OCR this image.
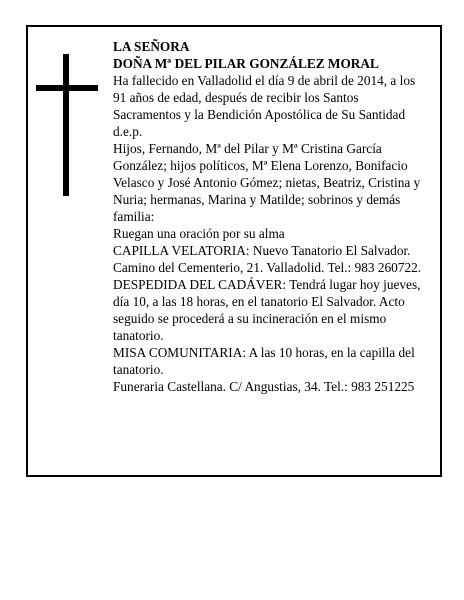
LA SEÑORA

DOÑA Mª DEL PILAR GONZÁLEZ MORAL

Ha fallecido en Valladolid el día 9 de abril de 2014, a los 91 años de edad, después de recibir los Santos Sacramentos y la Bendición Apostólica de Su Santidad d.e.p.

Hijos, Fernando, Mª del Pilar y Mª Cristina García González; hijos políticos, Mª Elena Lorenzo, Bonifacio Velasco y José Antonio Gómez; nietas, Beatriz, Cristina y Nuria; hermanas, Marina y Matilde; sobrinos y demás familia:

Ruegan una oración por su alma

CAPILLA VELATORIA: Nuevo Tanatorio El Salvador. Camino del Cementerio, 21. Valladolid. Tel.: 983 260722.

DESPEDIDA DEL CADÁVER: Tendrá lugar hoy jueves, día 10, a las 18 horas, en el tanatorio El Salvador. Acto seguido se procederá a su incineración en el mismo tanatorio.

MISA COMUNITARIA: A las 10 horas, en la capilla del tanatorio.

Funeraria Castellana. C/ Angustias, 34. Tel.: 983 251225
